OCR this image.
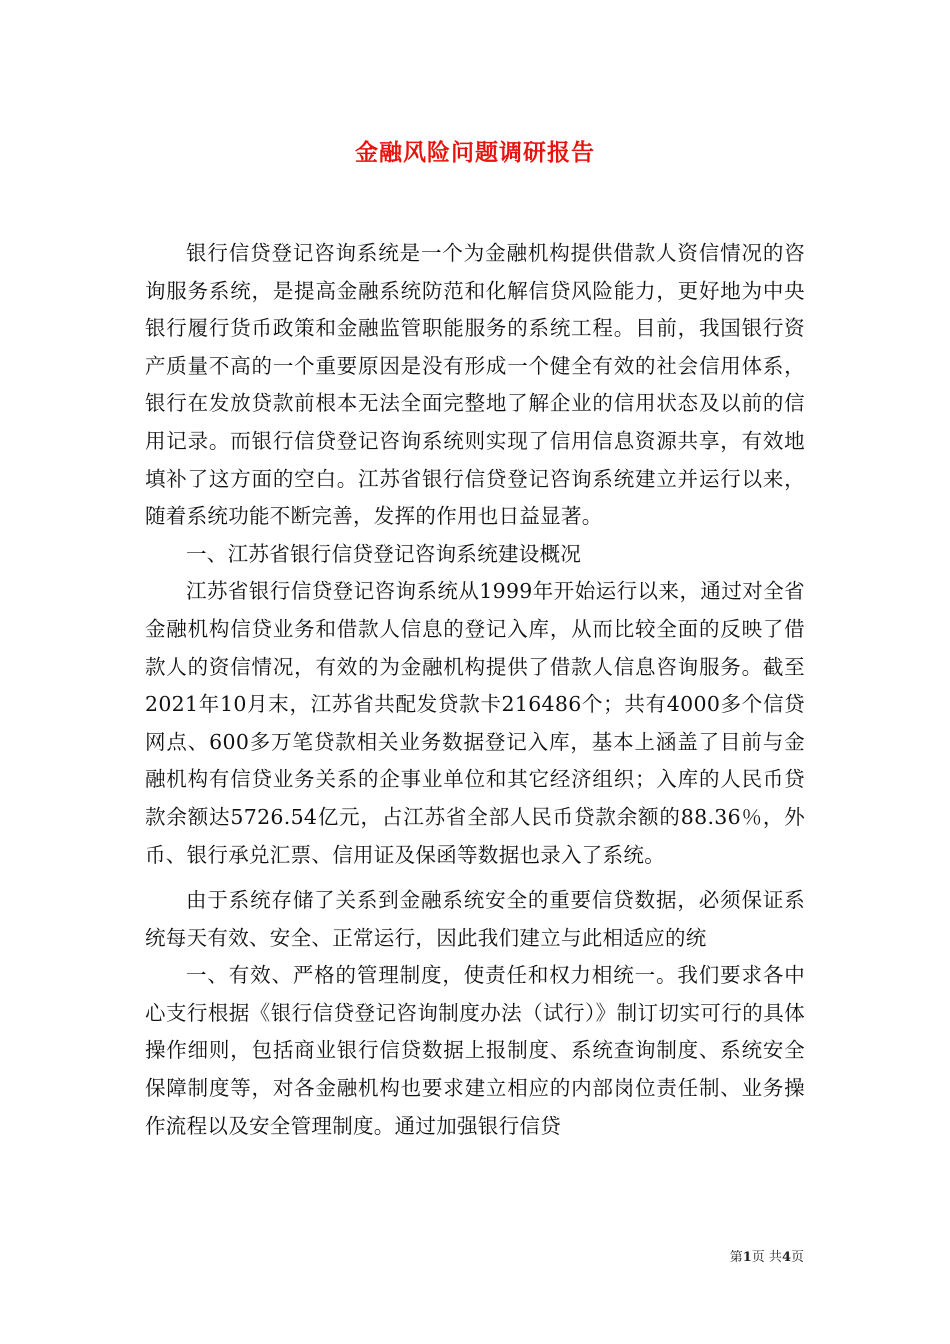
金融风险问题调研报告

银行信贷登记咨询系统是一个为金融机构提供借款人资信情况的咨询服务系统，是提高金融系统防范和化解信贷风险能力，更好地为中央银行履行货币政策和金融监管职能服务的系统工程。目前，我国银行资产质量不高的一个重要原因是没有形成一个健全有效的社会信用体系，银行在发放贷款前根本无法全面完整地了解企业的信用状态及以前的信用记录。而银行信贷登记咨询系统则实现了信用信息资源共享，有效地填补了这方面的空白。江苏省银行信贷登记咨询系统建立并运行以来，随着系统功能不断完善，发挥的作用也日益显著。

一、江苏省银行信贷登记咨询系统建设概况

江苏省银行信贷登记咨询系统从1999年开始运行以来，通过对全省金融机构信贷业务和借款人信息的登记入库，从而比较全面的反映了借款人的资信情况，有效的为金融机构提供了借款人信息咨询服务。截至2021年10月末，江苏省共配发贷款卡216486个；共有4000多个信贷网点、600多万笔贷款相关业务数据登记入库，基本上涵盖了目前与金融机构有信贷业务关系的企事业单位和其它经济组织；入库的人民币贷款余额达5726.54亿元，占江苏省全部人民币贷款余额的88.36％，外币、银行承兑汇票、信用证及保函等数据也录入了系统。

由于系统存储了关系到金融系统安全的重要信贷数据，必须保证系统每天有效、安全、正常运行，因此我们建立与此相适应的统

一、有效、严格的管理制度，使责任和权力相统一。我们要求各中心支行根据《银行信贷登记咨询制度办法（试行）》制订切实可行的具体操作细则，包括商业银行信贷数据上报制度、系统查询制度、系统安全保障制度等，对各金融机构也要求建立相应的内部岗位责任制、业务操作流程以及安全管理制度。通过加强银行信贷

第1页 共4页
